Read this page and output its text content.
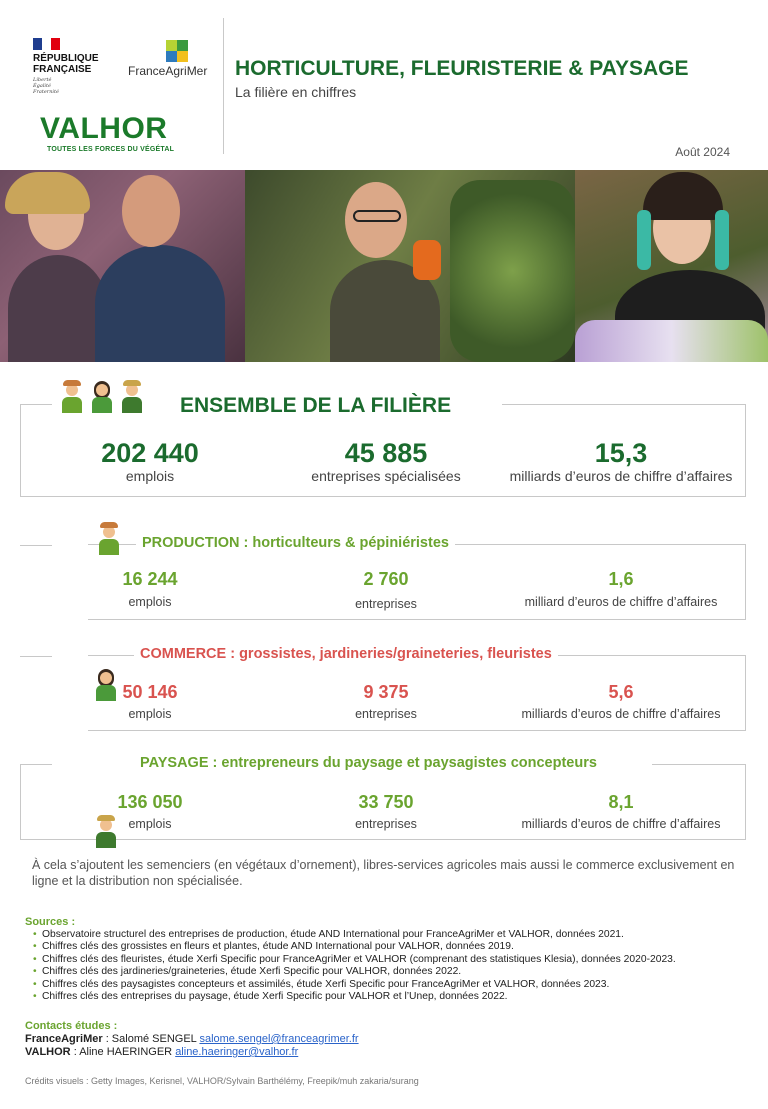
RÉPUBLIQUE
FRANÇAISE
Liberté
Égalité
Fraternité
FranceAgriMer
VALHOR
TOUTES LES FORCES DU VÉGÉTAL
HORTICULTURE, FLEURISTERIE & PAYSAGE
La filière en chiffres
Août 2024
ENSEMBLE DE LA FILIÈRE
202 440
emplois
45 885
entreprises spécialisées
15,3
milliards d’euros de chiffre d’affaires
PRODUCTION : horticulteurs & pépiniéristes
16 244
emplois
2 760
entreprises
1,6
milliard d’euros de chiffre d’affaires
COMMERCE : grossistes, jardineries/graineteries, fleuristes
50 146
emplois
9 375
entreprises
5,6
milliards d’euros de chiffre d’affaires
PAYSAGE : entrepreneurs du paysage et paysagistes concepteurs
136 050
emplois
33 750
entreprises
8,1
milliards d’euros de chiffre d’affaires
À cela s’ajoutent les semenciers (en végétaux d’ornement), libres-services agricoles mais aussi le commerce exclusivement en ligne et la distribution non spécialisée.
Sources :
• Observatoire structurel des entreprises de production, étude AND International pour FranceAgriMer et VALHOR, données 2021.
• Chiffres clés des grossistes en fleurs et plantes, étude AND International pour VALHOR, données 2019.
• Chiffres clés des fleuristes, étude Xerfi Specific pour FranceAgriMer et VALHOR (comprenant des statistiques Klesia), données 2020-2023.
• Chiffres clés des jardineries/graineteries, étude Xerfi Specific pour VALHOR, données 2022.
• Chiffres clés des paysagistes concepteurs et assimilés, étude Xerfi Specific pour FranceAgriMer et VALHOR, données 2023.
• Chiffres clés des entreprises du paysage, étude Xerfi Specific pour VALHOR et l’Unep, données 2022.
Contacts études :
FranceAgriMer : Salomé SENGEL salome.sengel@franceagrimer.fr
VALHOR : Aline HAERINGER aline.haeringer@valhor.fr
Crédits visuels : Getty Images, Kerisnel, VALHOR/Sylvain Barthélémy, Freepik/muh zakaria/surang
